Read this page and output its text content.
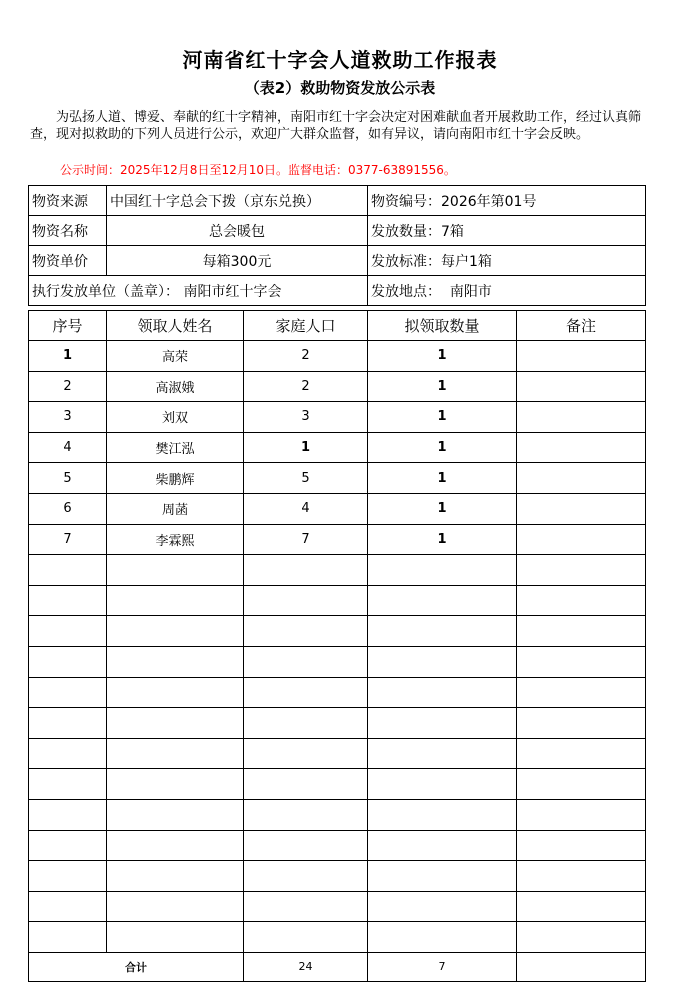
河南省红十字会人道救助工作报表
（表2）救助物资发放公示表
为弘扬人道、博爱、奉献的红十字精神，南阳市红十字会决定对困难献血者开展救助工作，经过认真筛查，现对拟救助的下列人员进行公示，欢迎广大群众监督，如有异议，请向南阳市红十字会反映。
公示时间：2025年12月8日至12月10日。监督电话：0377-63891556。
物资来源	中国红十字总会下拨（京东兑换）	物资编号：2026年第01号
物资名称	总会暖包	发放数量：7箱
物资单价	每箱300元	发放标准：每户1箱
执行发放单位（盖章）： 南阳市红十字会		发放地点： 南阳市
序号	领取人姓名	家庭人口	拟领取数量	备注
1	高荣	2	1	
2	高淑娥	2	1	
3	刘双	3	1	
4	樊江泓	1	1	
5	柴鹏辉	5	1	
6	周菡	4	1	
7	李霖熙	7	1	

合计		24	7	
